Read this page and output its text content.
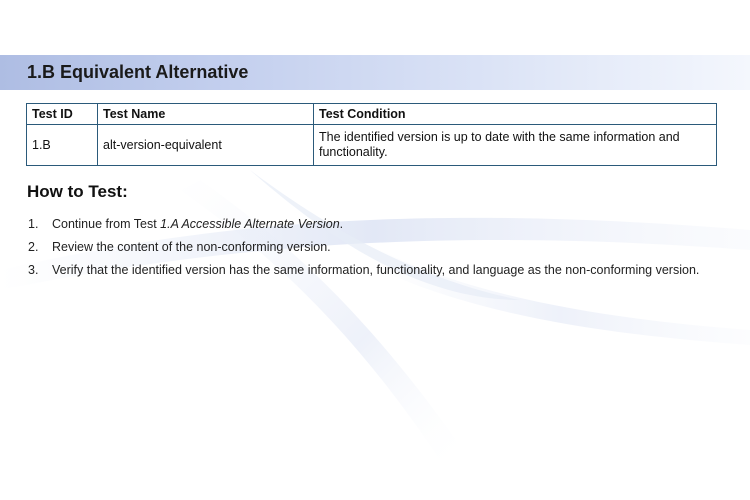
1.B Equivalent Alternative
Test ID	Test Name	Test Condition
1.B	alt-version-equivalent	The identified version is up to date with the same information and functionality.
How to Test:
1.	Continue from Test 1.A Accessible Alternate Version.
2.	Review the content of the non-conforming version.
3.	Verify that the identified version has the same information, functionality, and language as the non-conforming version.
